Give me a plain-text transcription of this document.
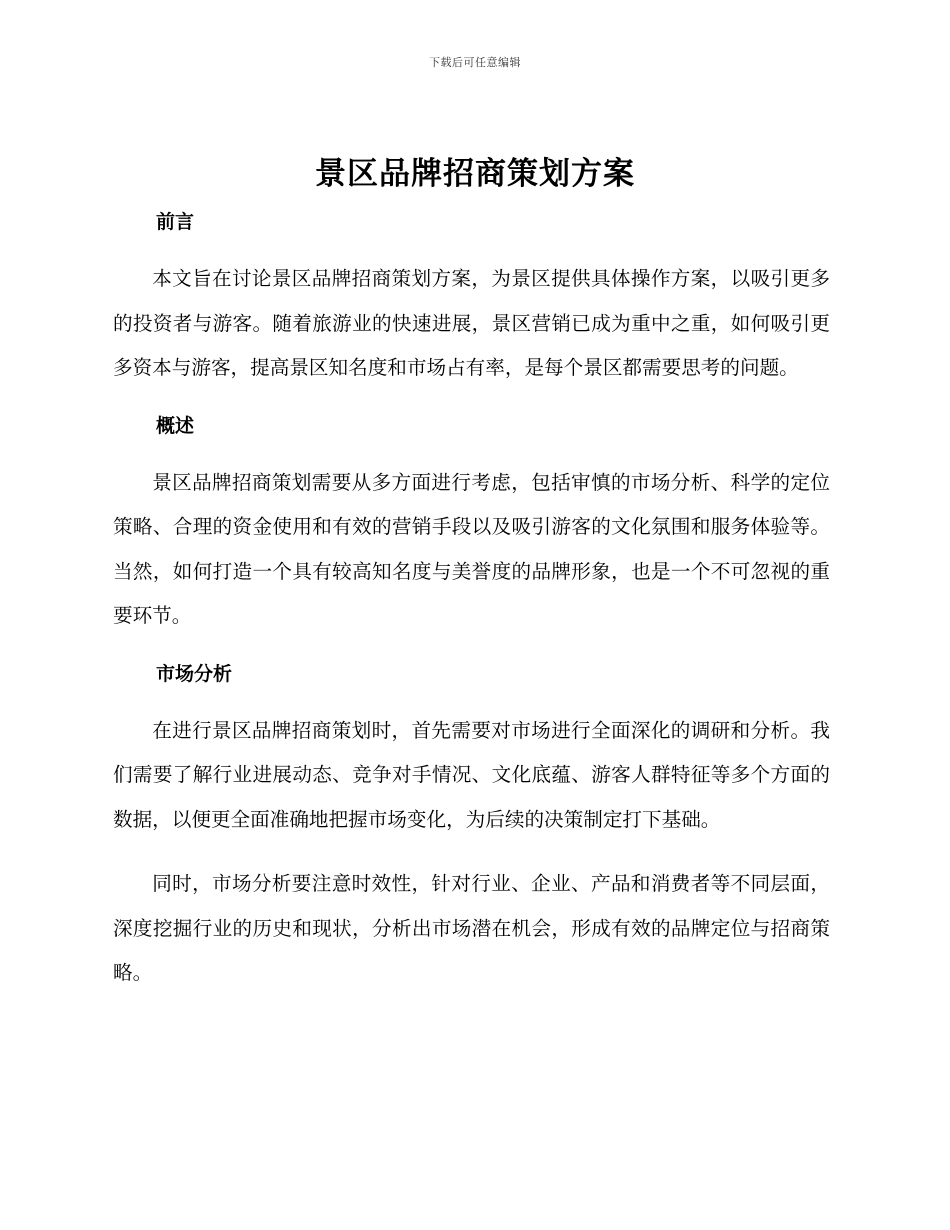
下载后可任意编辑
景区品牌招商策划方案
前言

本文旨在讨论景区品牌招商策划方案，为景区提供具体操作方案，以吸引更多的投资者与游客。随着旅游业的快速进展，景区营销已成为重中之重，如何吸引更多资本与游客，提高景区知名度和市场占有率，是每个景区都需要思考的问题。

概述

景区品牌招商策划需要从多方面进行考虑，包括审慎的市场分析、科学的定位策略、合理的资金使用和有效的营销手段以及吸引游客的文化氛围和服务体验等。当然，如何打造一个具有较高知名度与美誉度的品牌形象，也是一个不可忽视的重要环节。

市场分析

在进行景区品牌招商策划时，首先需要对市场进行全面深化的调研和分析。我们需要了解行业进展动态、竞争对手情况、文化底蕴、游客人群特征等多个方面的数据，以便更全面准确地把握市场变化，为后续的决策制定打下基础。

同时，市场分析要注意时效性，针对行业、企业、产品和消费者等不同层面，深度挖掘行业的历史和现状，分析出市场潜在机会，形成有效的品牌定位与招商策略。
